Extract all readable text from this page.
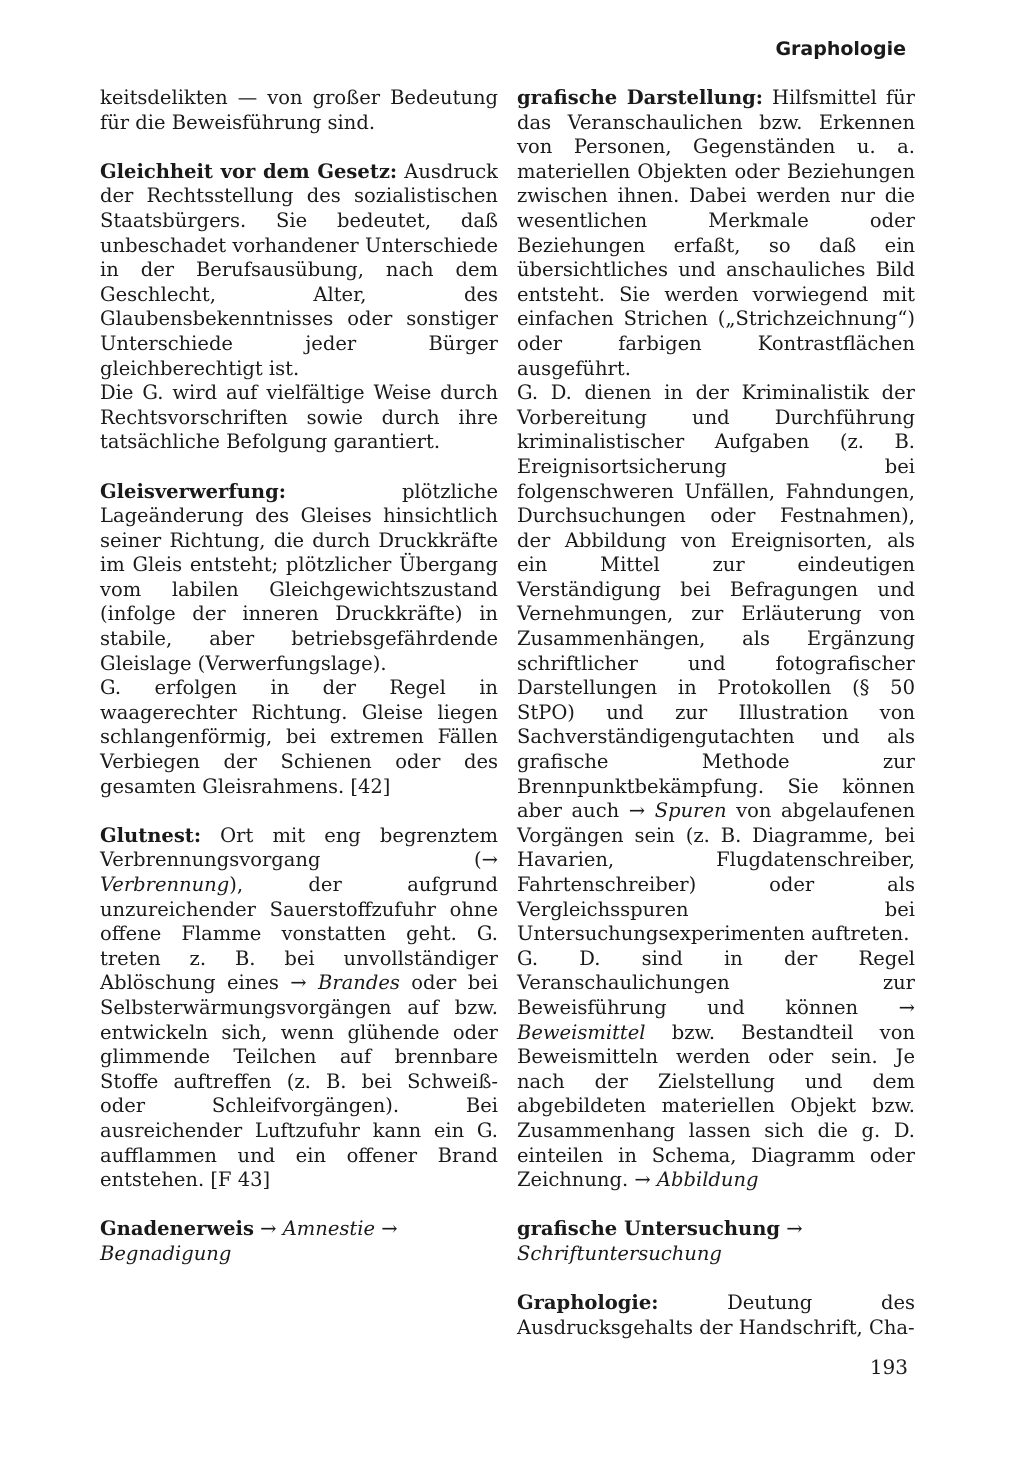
Graphologie

keitsdelikten — von großer Bedeutung für die Beweisführung sind.

Gleichheit vor dem Gesetz: Ausdruck der Rechtsstellung des sozialistischen Staatsbürgers. Sie bedeutet, daß unbeschadet vorhandener Unterschiede in der Berufsausübung, nach dem Geschlecht, Alter, des Glaubensbekenntnisses oder sonstiger Unterschiede jeder Bürger gleichberechtigt ist.

Die G. wird auf vielfältige Weise durch Rechtsvorschriften sowie durch ihre tatsächliche Befolgung garantiert.

Gleisverwerfung:	plötzliche Lageänderung des Gleises hinsichtlich seiner Richtung, die durch Druckkräfte im Gleis entsteht; plötzlicher Übergang vom labilen Gleichgewichtszustand (infolge der inneren Druckkräfte) in stabile, aber betriebsgefährdende Gleislage (Verwerfungslage).

G. erfolgen in der Regel in waagerechter Richtung. Gleise liegen schlangenförmig, bei extremen Fällen Verbiegen der Schienen oder des gesamten Gleisrahmens. [42]

Glutnest: Ort mit eng begrenztem Verbrennungsvorgang (→ Verbrennung), der aufgrund unzureichender Sauerstoffzufuhr ohne offene Flamme vonstatten geht. G. treten z. B. bei unvollständiger Ablöschung eines → Brandes oder bei Selbsterwärmungsvorgängen auf bzw. entwickeln sich, wenn glühende oder glimmende Teilchen auf brennbare Stoffe auftreffen (z. B. bei Schweiß- oder Schleifvorgängen). Bei ausreichender Luftzufuhr kann ein G. aufflammen und ein offener Brand entstehen. [F 43]

Gnadenerweis → Amnestie → Begnadigung

grafische Darstellung: Hilfsmittel für das Veranschaulichen bzw. Erkennen von Personen, Gegenständen u. a. materiellen Objekten oder Beziehungen zwischen ihnen. Dabei werden nur die wesentlichen Merkmale oder Beziehungen erfaßt, so daß ein übersichtliches und anschauliches Bild entsteht. Sie werden vorwiegend mit einfachen Strichen („Strichzeichnung“) oder farbigen Kontrastflächen ausgeführt.

G. D. dienen in der Kriminalistik der Vorbereitung und Durchführung kriminalistischer Aufgaben (z. B. Ereignisortsicherung bei folgenschweren Unfällen, Fahndungen, Durchsuchungen oder Festnahmen), der Abbildung von Ereignisorten, als ein Mittel zur eindeutigen Verständigung bei Befragungen und Vernehmungen, zur Erläuterung von Zusammenhängen, als Ergänzung schriftlicher und fotografischer Darstellungen in Protokollen (§ 50 StPO) und zur Illustration von Sachverständigengutachten und als grafische Methode zur Brennpunktbekämpfung. Sie können aber auch → Spuren von abgelaufenen Vorgängen sein (z. B. Diagramme, bei Havarien, Flugdatenschreiber, Fahrtenschreiber) oder als Vergleichsspuren bei Untersuchungsexperimenten auftreten.

G. D. sind in der Regel Veranschaulichungen zur Beweisführung und können → Beweismittel bzw. Bestandteil von Beweismitteln werden oder sein. Je nach der Zielstellung und dem abgebildeten materiellen Objekt bzw. Zusammenhang lassen sich die g. D. einteilen in Schema, Diagramm oder Zeichnung. → Abbildung

grafische Untersuchung → Schriftuntersuchung

Graphologie:	Deutung des Ausdrucksgehalts der Handschrift, Cha-

193
